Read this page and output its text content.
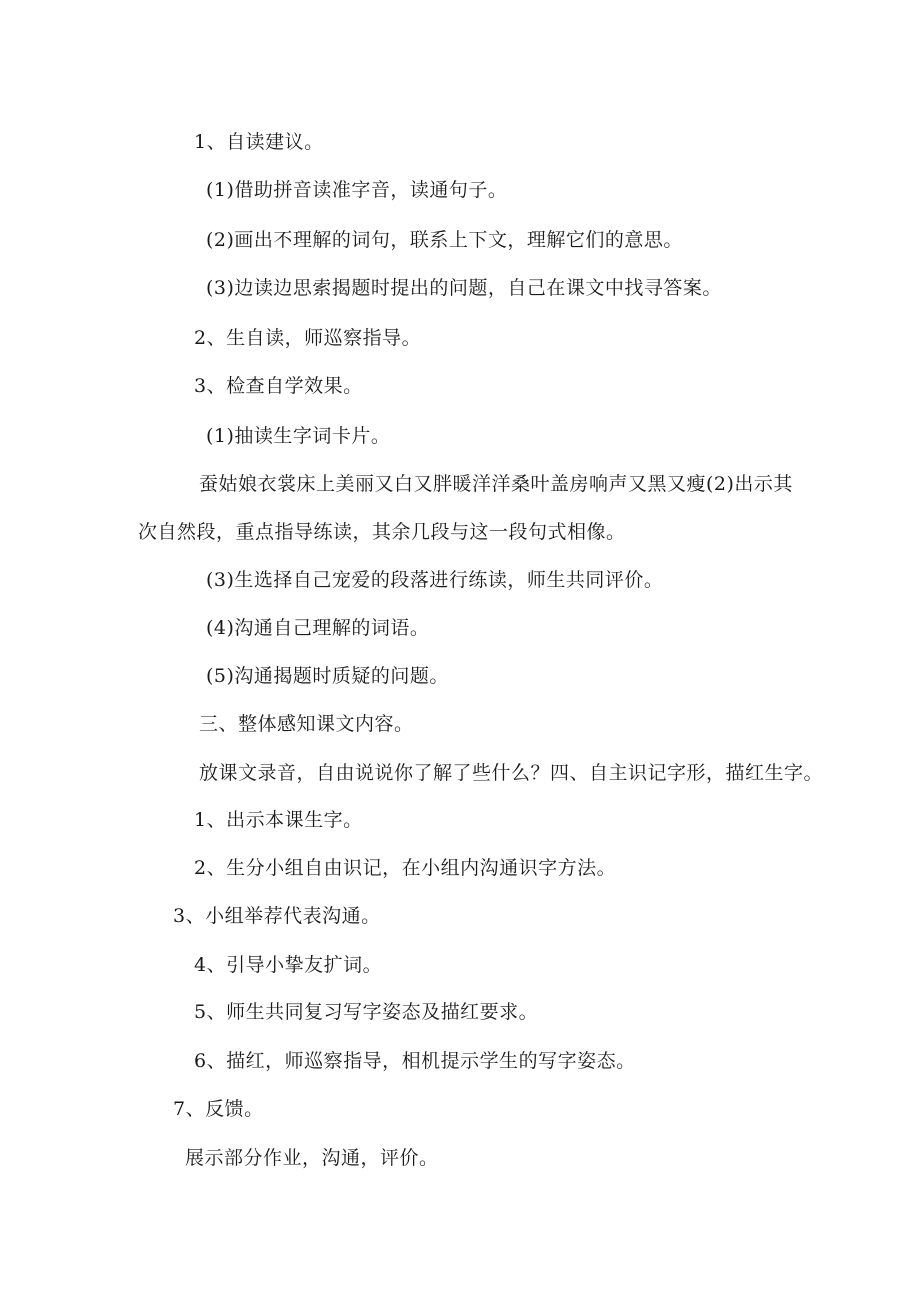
1、自读建议。
(1)借助拼音读准字音，读通句子。
(2)画出不理解的词句，联系上下文，理解它们的意思。
(3)边读边思索揭题时提出的问题，自己在课文中找寻答案。
2、生自读，师巡察指导。
3、检查自学效果。
(1)抽读生字词卡片。
蚕姑娘衣裳床上美丽又白又胖暖洋洋桑叶盖房响声又黑又瘦(2)出示其
次自然段，重点指导练读，其余几段与这一段句式相像。
(3)生选择自己宠爱的段落进行练读，师生共同评价。
(4)沟通自己理解的词语。
(5)沟通揭题时质疑的问题。
三、整体感知课文内容。
放课文录音，自由说说你了解了些什么？四、自主识记字形，描红生字。
1、出示本课生字。
2、生分小组自由识记，在小组内沟通识字方法。
3、小组举荐代表沟通。
4、引导小挚友扩词。
5、师生共同复习写字姿态及描红要求。
6、描红，师巡察指导，相机提示学生的写字姿态。
7、反馈。
展示部分作业，沟通，评价。
